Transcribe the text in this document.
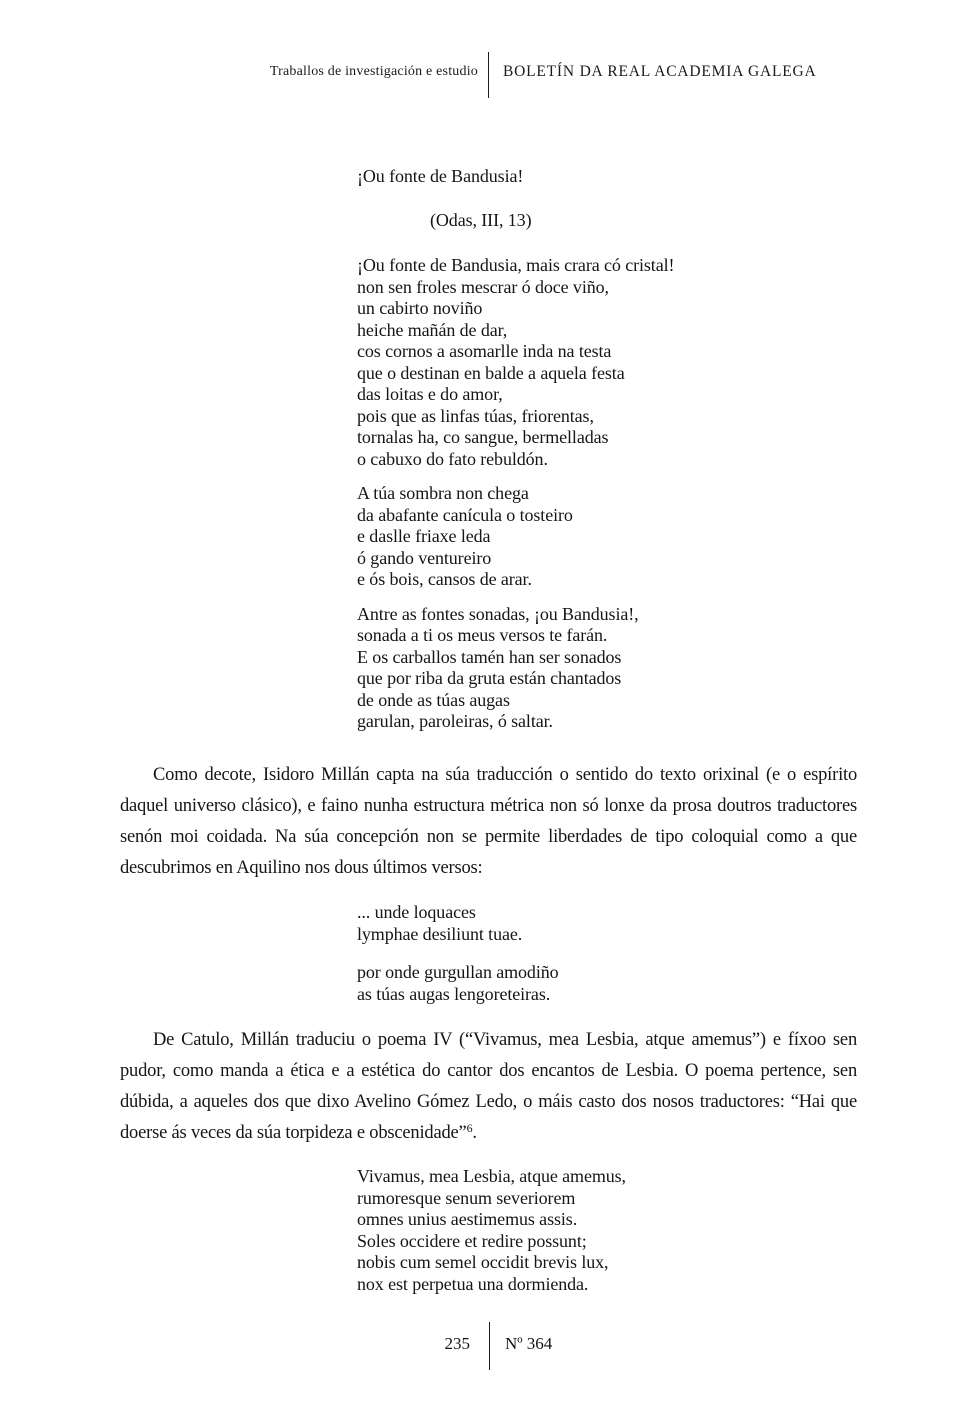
Traballos de investigación e estudio BOLETÍN DA REAL ACADEMIA GALEGA
¡Ou fonte de Bandusia!
(Odas, III, 13)
¡Ou fonte de Bandusia, mais crara có cristal!
non sen froles mescrar ó doce viño,
un cabirto noviño
heiche mañán de dar,
cos cornos a asomarlle inda na testa
que o destinan en balde a aquela festa
das loitas e do amor,
pois que as linfas túas, friorentas,
tornalas ha, co sangue, bermelladas
o cabuxo do fato rebuldón.
A túa sombra non chega
da abafante canícula o tosteiro
e daslle friaxe leda
ó gando ventureiro
e ós bois, cansos de arar.
Antre as fontes sonadas, ¡ou Bandusia!,
sonada a ti os meus versos te farán.
E os carballos tamén han ser sonados
que por riba da gruta están chantados
de onde as túas augas
garulan, paroleiras, ó saltar.

Como decote, Isidoro Millán capta na súa traducción o sentido do texto orixinal (e o espírito daquel universo clásico), e faino nunha estructura métrica non só lonxe da prosa doutros traductores senón moi coidada. Na súa concepción non se permite liberdades de tipo coloquial como a que descubrimos en Aquilino nos dous últimos versos:

... unde loquaces
lymphae desiliunt tuae.
por onde gurgullan amodiño
as túas augas lengoreteiras.

De Catulo, Millán traduciu o poema IV (“Vivamus, mea Lesbia, atque amemus”) e fíxoo sen pudor, como manda a ética e a estética do cantor dos encantos de Lesbia. O poema pertence, sen dúbida, a aqueles dos que dixo Avelino Gómez Ledo, o máis casto dos nosos traductores: “Hai que doerse ás veces da súa torpideza e obscenidade”$^6$.

Vivamus, mea Lesbia, atque amemus,
rumoresque senum severiorem
omnes unius aestimemus assis.
Soles occidere et redire possunt;
nobis cum semel occidit brevis lux,
nox est perpetua una dormienda.
235 Nº 364
